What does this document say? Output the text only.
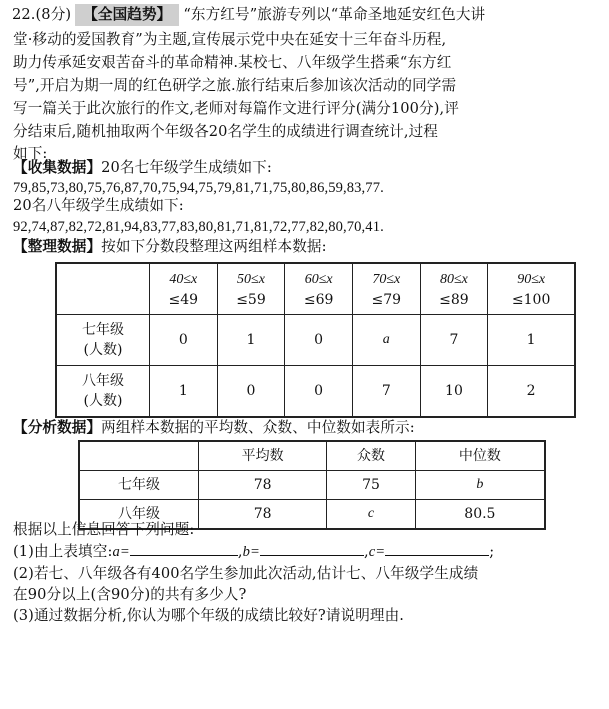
22.(8分) 【全国趋势】 “东方红号”旅游专列以“革命圣地延安红色大讲
堂·移动的爱国教育”为主题,宣传展示党中央在延安十三年奋斗历程,
助力传承延安艰苦奋斗的革命精神.某校七、八年级学生搭乘“东方红
号”,开启为期一周的红色研学之旅.旅行结束后参加该次活动的同学需
写一篇关于此次旅行的作文,老师对每篇作文进行评分(满分100分),评
分结束后,随机抽取两个年级各20名学生的成绩进行调查统计,过程
如下:
【收集数据】20名七年级学生成绩如下:
79,85,73,80,75,76,87,70,75,94,75,79,81,71,75,80,86,59,83,77.
20名八年级学生成绩如下:
92,74,87,82,72,81,94,83,77,83,80,81,71,81,72,77,82,80,70,41.
【整理数据】按如下分数段整理这两组样本数据:
	40≤x
≤49	50≤x
≤59	60≤x
≤69	70≤x
≤79	80≤x
≤89	90≤x
≤100
七年级
(人数)	0	1	0	a	7	1
八年级
(人数)	1	0	0	7	10	2
【分析数据】两组样本数据的平均数、众数、中位数如表所示:
	平均数	众数	中位数
七年级	78	75	b
八年级	78	c	80.5
根据以上信息回答下列问题:
(1)由上表填空:a=	,b=	,c=	;
(2)若七、八年级各有400名学生参加此次活动,估计七、八年级学生成绩
在90分以上(含90分)的共有多少人?
(3)通过数据分析,你认为哪个年级的成绩比较好?请说明理由.
